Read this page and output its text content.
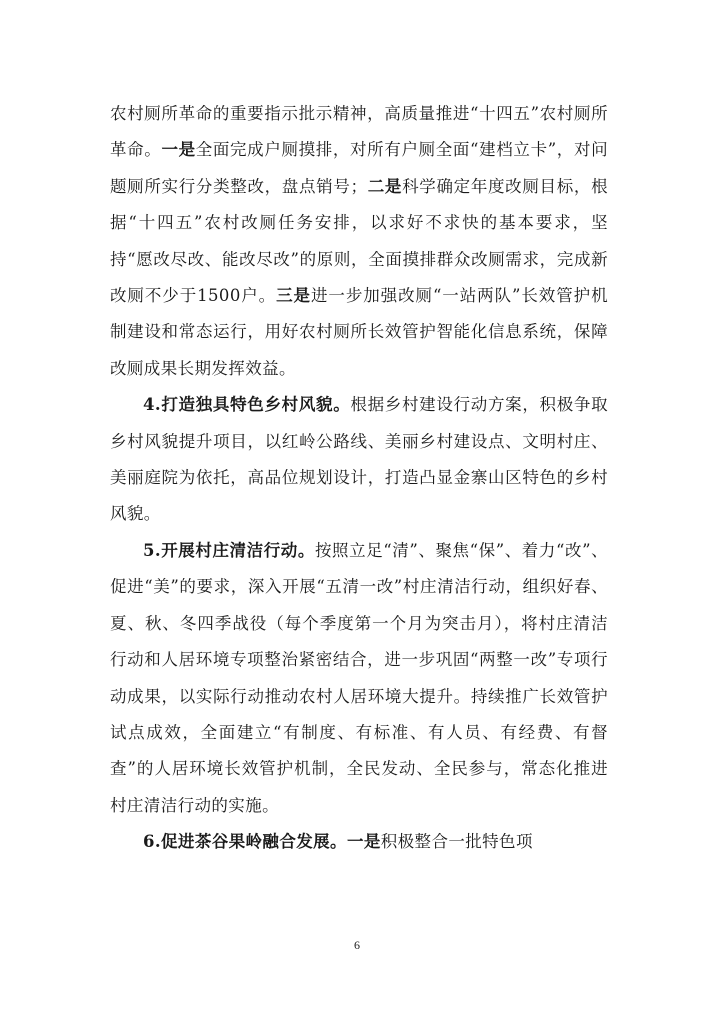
农村厕所革命的重要指示批示精神，高质量推进“十四五”农村厕所革命。一是全面完成户厕摸排，对所有户厕全面“建档立卡”，对问题厕所实行分类整改，盘点销号；二是科学确定年度改厕目标，根据“十四五”农村改厕任务安排，以求好不求快的基本要求，坚持“愿改尽改、能改尽改”的原则，全面摸排群众改厕需求，完成新改厕不少于1500户。三是进一步加强改厕“一站两队”长效管护机制建设和常态运行，用好农村厕所长效管护智能化信息系统，保障改厕成果长期发挥效益。

4.打造独具特色乡村风貌。根据乡村建设行动方案，积极争取乡村风貌提升项目，以红岭公路线、美丽乡村建设点、文明村庄、美丽庭院为依托，高品位规划设计，打造凸显金寨山区特色的乡村风貌。

5.开展村庄清洁行动。按照立足“清”、聚焦“保”、着力“改”、促进“美”的要求，深入开展“五清一改”村庄清洁行动，组织好春、夏、秋、冬四季战役（每个季度第一个月为突击月），将村庄清洁行动和人居环境专项整治紧密结合，进一步巩固“两整一改”专项行动成果，以实际行动推动农村人居环境大提升。持续推广长效管护试点成效，全面建立“有制度、有标准、有人员、有经费、有督查”的人居环境长效管护机制，全民发动、全民参与，常态化推进村庄清洁行动的实施。

6.促进茶谷果岭融合发展。一是积极整合一批特色项

6
